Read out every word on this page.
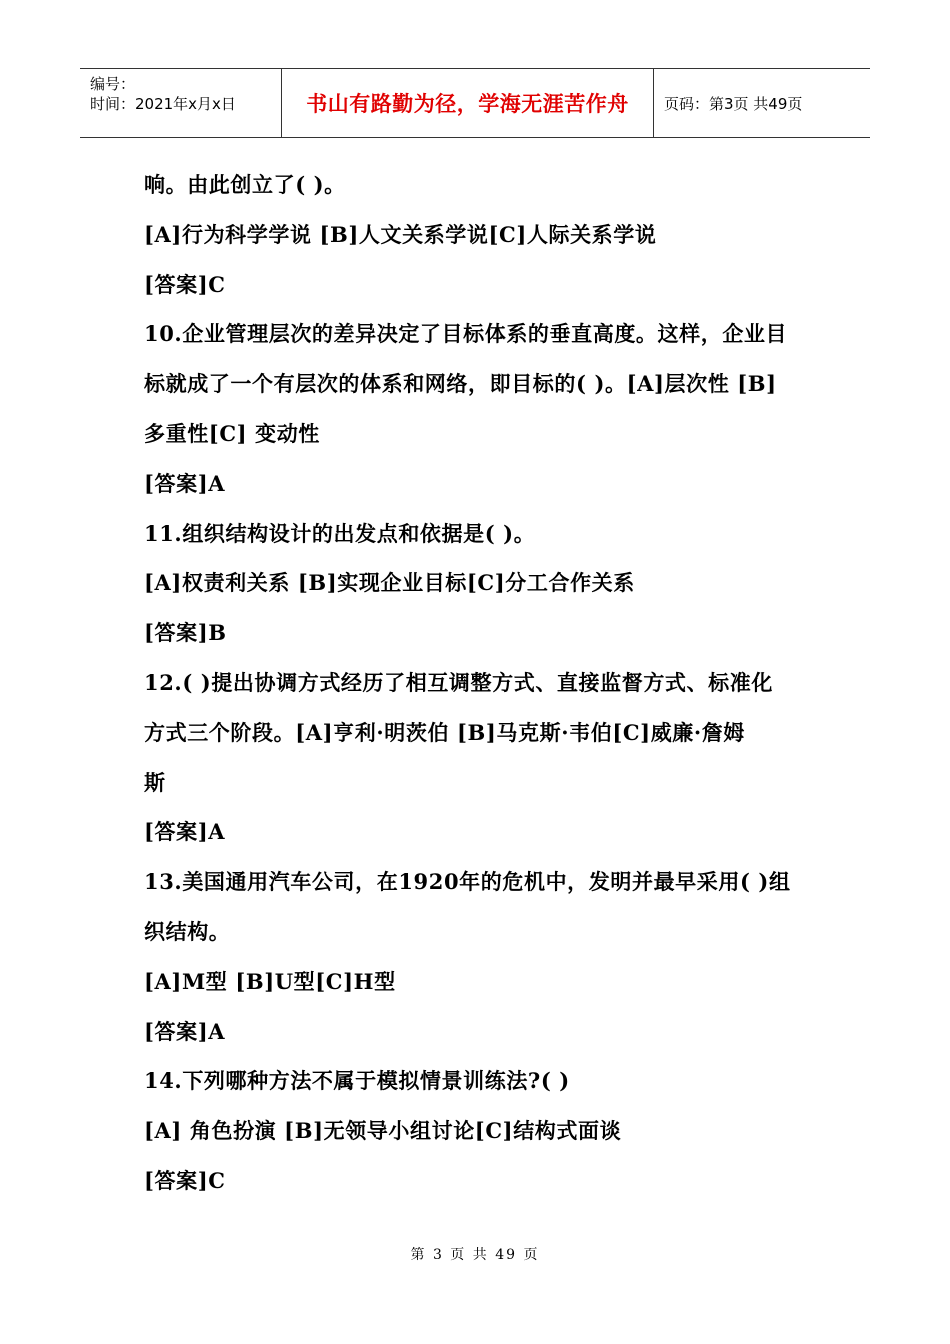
编号：
时间：2021年x月x日	书山有路勤为径，学海无涯苦作舟 页码：第3页 共49页
响。由此创立了( )。
[A]行为科学学说 [B]人文关系学说[C]人际关系学说
[答案]C
10.企业管理层次的差异决定了目标体系的垂直高度。这样，企业目
标就成了一个有层次的体系和网络，即目标的( )。[A]层次性 [B]
多重性[C] 变动性
[答案]A
11.组织结构设计的出发点和依据是( )。
[A]权责利关系 [B]实现企业目标[C]分工合作关系
[答案]B
12.( )提出协调方式经历了相互调整方式、直接监督方式、标准化
方式三个阶段。[A]亨利·明茨伯 [B]马克斯·韦伯[C]威廉·詹姆
斯
[答案]A
13.美国通用汽车公司，在1920年的危机中，发明并最早采用( )组
织结构。
[A]M型 [B]U型[C]H型
[答案]A
14.下列哪种方法不属于模拟情景训练法?( )
[A] 角色扮演 [B]无领导小组讨论[C]结构式面谈
[答案]C
第 3 页 共 49 页
